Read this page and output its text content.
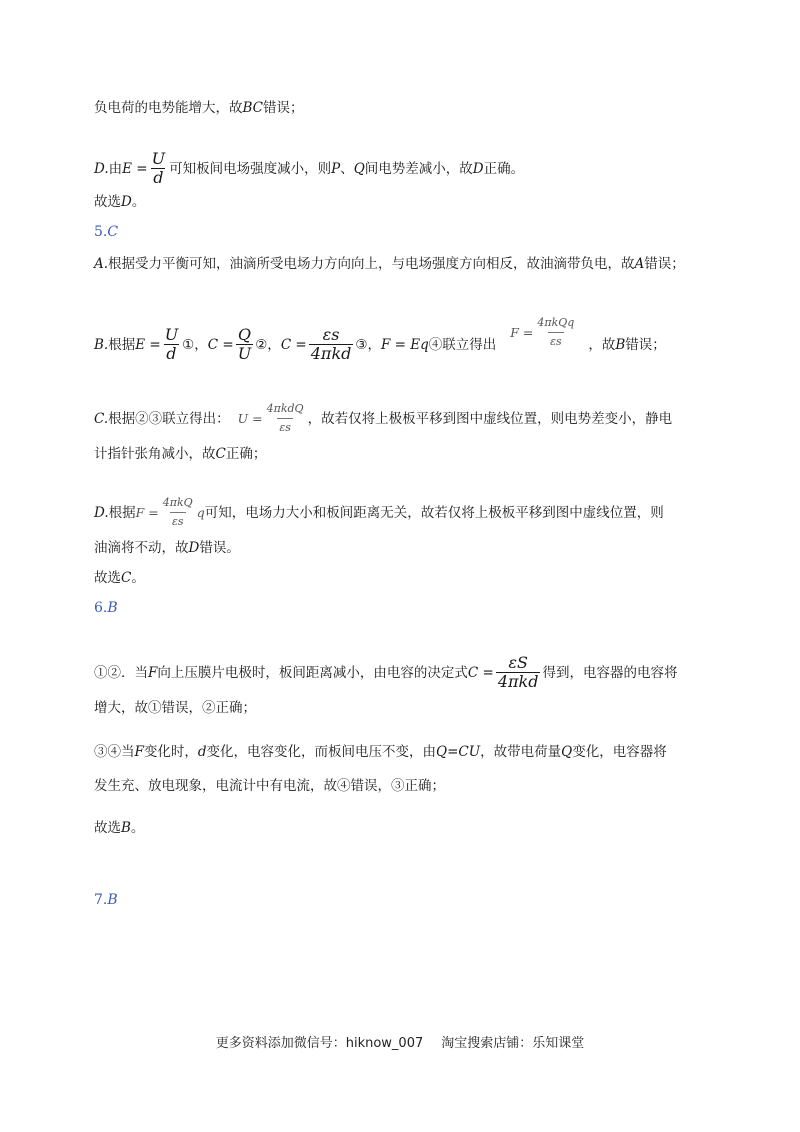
负电荷的电势能增大，故 BC 错误；
D. 由 $E = \frac{U}{d}$ 可知板间电场强度减小，则 P 、 Q 间电势差减小，故 D 正确。
故选 D 。
5. C
A. 根据受力平衡可知，油滴所受电场力方向向上，与电场强度方向相反，故油滴带负电，故 A 错误；
B. 根据 $E = \frac{U}{d}$ ①， $C = \frac{Q}{U}$ ②， $C = \frac{\varepsilon s}{\text{4πkd}}$ ③， F = Eq ④联立得出
$F = \frac{\text{4πkQq}}{\varepsilon s}$ ，故 B 错误；
C. 根据②③联立得出： $U = \frac{\text{4πkdQ}}{\varepsilon s}$ ，故若仅将上极板平移到图中虚线位置，则电势差变小，静电
计指针张角减小，故 C 正确；
D. 根据 $F = \frac{\text{4πkQ}}{\varepsilon s}$ q 可知，电场力大小和板间距离无关，故若仅将上极板平移到图中虚线位置，则
油滴将不动，故 D 错误。
故选 C 。
6. B
①②．当 F 向上压膜片电极时，板间距离减小，由电容的决定式 $C = \frac{\varepsilon S}{\text{4πkd}}$ 得到，电容器的电容将
增大，故①错误，②正确；
③④当 F 变化时， d 变化，电容变化，而板间电压不变，由 Q=CU ，故带电荷量 Q 变化，电容器将
发生充、放电现象，电流计中有电流，故④错误，③正确；
故选 B 。
7. B
更多资料添加微信号：hiknow_007 淘宝搜索店铺：乐知课堂
